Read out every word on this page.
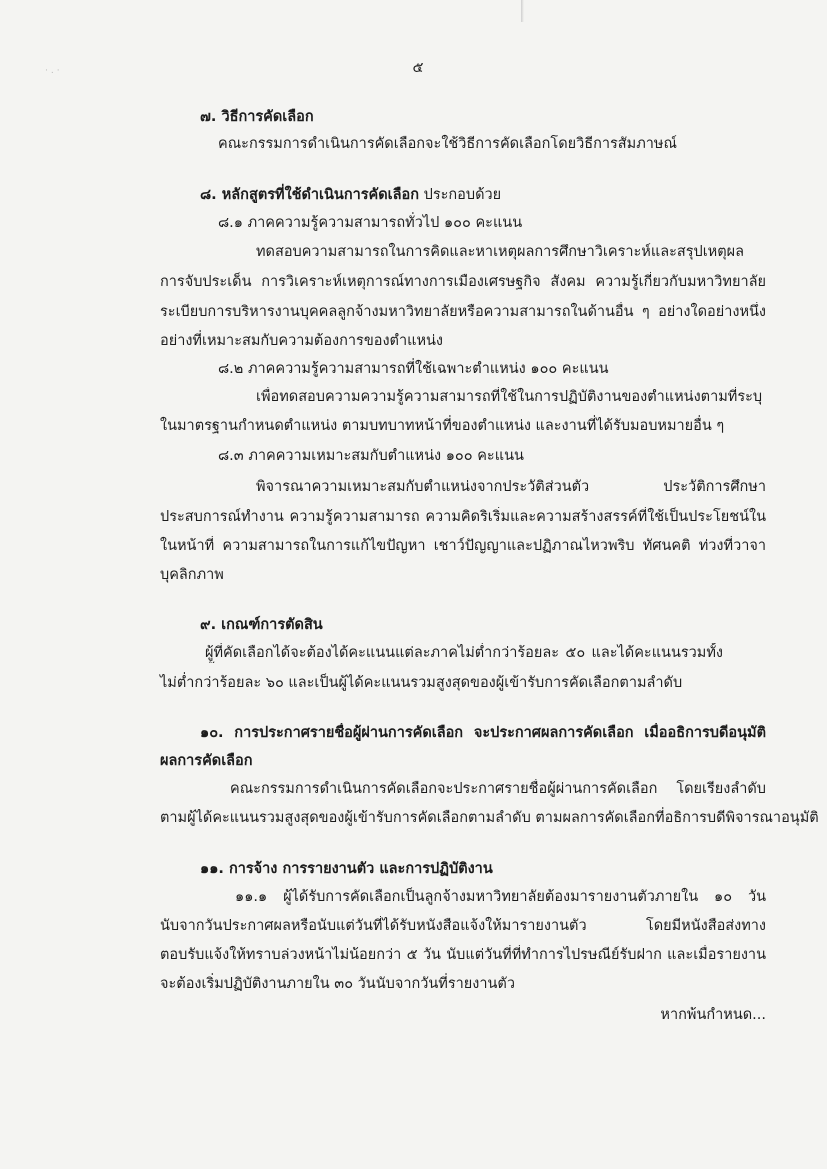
·.·	๕
๗. วิธีการคัดเลือก
คณะกรรมการดำเนินการคัดเลือกจะใช้วิธีการคัดเลือกโดยวิธีการสัมภาษณ์
๘. หลักสูตรที่ใช้ดำเนินการคัดเลือก ประกอบด้วย
๘.๑ ภาคความรู้ความสามารถทั่วไป ๑๐๐ คะแนน
ทดสอบความสามารถในการคิดและหาเหตุผลการศึกษาวิเคราะห์และสรุปเหตุผล
การจับประเด็น การวิเคราะห์เหตุการณ์ทางการเมืองเศรษฐกิจ สังคม ความรู้เกี่ยวกับมหาวิทยาลัย
ระเบียบการบริหารงานบุคคลลูกจ้างมหาวิทยาลัยหรือความสามารถในด้านอื่น ๆ อย่างใดอย่างหนึ่ง
อย่างที่เหมาะสมกับความต้องการของตำแหน่ง
๘.๒ ภาคความรู้ความสามารถที่ใช้เฉพาะตำแหน่ง ๑๐๐ คะแนน
เพื่อทดสอบความความรู้ความสามารถที่ใช้ในการปฏิบัติงานของตำแหน่งตามที่ระบุ
ในมาตรฐานกำหนดตำแหน่ง ตามบทบาทหน้าที่ของตำแหน่ง และงานที่ได้รับมอบหมายอื่น ๆ
๘.๓ ภาคความเหมาะสมกับตำแหน่ง ๑๐๐ คะแนน
พิจารณาความเหมาะสมกับตำแหน่งจากประวัติส่วนตัว ประวัติการศึกษา
ประสบการณ์ทำงาน ความรู้ความสามารถ ความคิดริเริ่มและความสร้างสรรค์ที่ใช้เป็นประโยชน์ใน
ในหน้าที่ ความสามารถในการแก้ไขปัญหา เชาว์ปัญญาและปฏิภาณไหวพริบ ทัศนคติ ท่วงที่วาจา
บุคลิกภาพ
๙. เกณฑ์การตัดสิน
ผู้ที่คัดเลือกได้จะต้องได้คะแนนแต่ละภาคไม่ต่ำกว่าร้อยละ ๕๐ และได้คะแนนรวมทั้ง
ไม่ต่ำกว่าร้อยละ ๖๐ และเป็นผู้ได้คะแนนรวมสูงสุดของผู้เข้ารับการคัดเลือกตามลำดับ
๑๐. การประกาศรายชื่อผู้ผ่านการคัดเลือก จะประกาศผลการคัดเลือก เมื่ออธิการบดีอนุมัติ
ผลการคัดเลือก
คณะกรรมการดำเนินการคัดเลือกจะประกาศรายชื่อผู้ผ่านการคัดเลือก โดยเรียงลำดับ
ตามผู้ได้คะแนนรวมสูงสุดของผู้เข้ารับการคัดเลือกตามลำดับ ตามผลการคัดเลือกที่อธิการบดีพิจารณาอนุมัติ
๑๑. การจ้าง การรายงานตัว และการปฏิบัติงาน
๑๑.๑ ผู้ได้รับการคัดเลือกเป็นลูกจ้างมหาวิทยาลัยต้องมารายงานตัวภายใน ๑๐ วัน
นับจากวันประกาศผลหรือนับแต่วันที่ได้รับหนังสือแจ้งให้มารายงานตัว โดยมีหนังสือส่งทาง
ตอบรับแจ้งให้ทราบล่วงหน้าไม่น้อยกว่า ๕ วัน นับแต่วันที่ที่ทำการไปรษณีย์รับฝาก และเมื่อรายงาน
จะต้องเริ่มปฏิบัติงานภายใน ๓๐ วันนับจากวันที่รายงานตัว
หากพ้นกำหนด...
